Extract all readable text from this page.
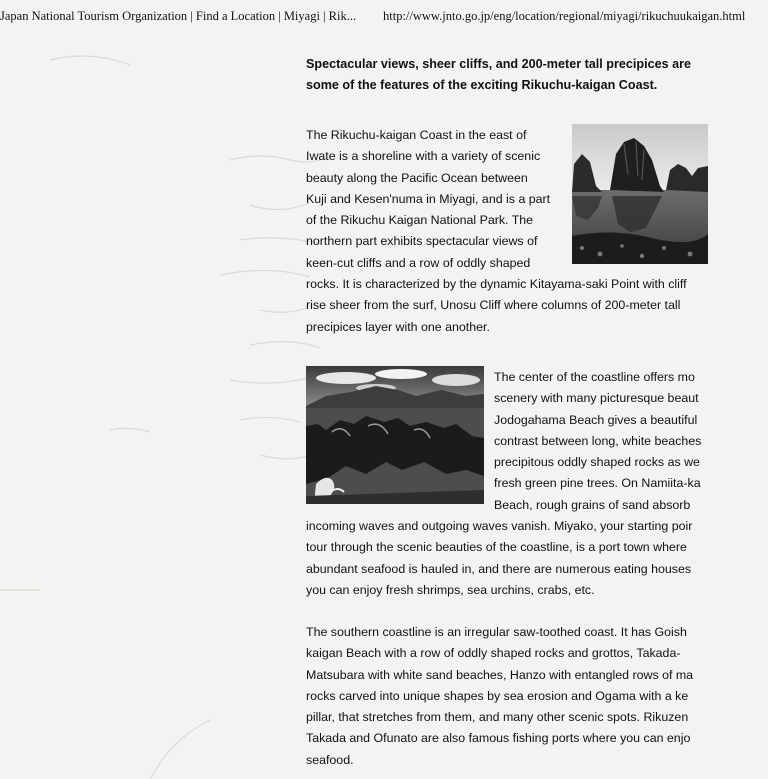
Japan National Tourism Organization | Find a Location | Miyagi | Rik... http://www.jnto.go.jp/eng/location/regional/miyagi/rikuchuukaigan.html
Spectacular views, sheer cliffs, and 200-meter tall precipices are
some of the features of the exciting Rikuchu-kaigan Coast.
The Rikuchu-kaigan Coast in the east of
Iwate is a shoreline with a variety of scenic
beauty along the Pacific Ocean between
Kuji and Kesen'numa in Miyagi, and is a part
of the Rikuchu Kaigan National Park. The
northern part exhibits spectacular views of
keen-cut cliffs and a row of oddly shaped
rocks. It is characterized by the dynamic Kitayama-saki Point with cliff
rise sheer from the surf, Unosu Cliff where columns of 200-meter tall
precipices layer with one another.
The center of the coastline offers mo
scenery with many picturesque beaut
Jodogahama Beach gives a beautiful
contrast between long, white beaches
precipitous oddly shaped rocks as we
fresh green pine trees. On Namiita-ka
Beach, rough grains of sand absorb
incoming waves and outgoing waves vanish. Miyako, your starting poir
tour through the scenic beauties of the coastline, is a port town where
abundant seafood is hauled in, and there are numerous eating houses
you can enjoy fresh shrimps, sea urchins, crabs, etc.
The southern coastline is an irregular saw-toothed coast. It has Goish
kaigan Beach with a row of oddly shaped rocks and grottos, Takada-
Matsubara with white sand beaches, Hanzo with entangled rows of ma
rocks carved into unique shapes by sea erosion and Ogama with a ke
pillar, that stretches from them, and many other scenic spots. Rikuzen
Takada and Ofunato are also famous fishing ports where you can enjo
seafood.
